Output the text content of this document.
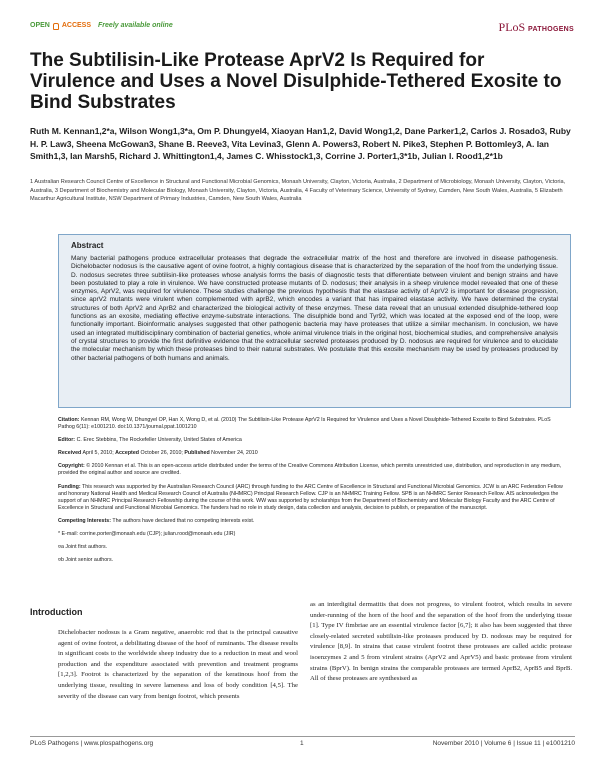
OPEN ACCESS Freely available online	PLoS PATHOGENS
The Subtilisin-Like Protease AprV2 Is Required for Virulence and Uses a Novel Disulphide-Tethered Exosite to Bind Substrates
Ruth M. Kennan1,2*a, Wilson Wong1,3*a, Om P. Dhungyel4, Xiaoyan Han1,2, David Wong1,2, Dane Parker1,2, Carlos J. Rosado3, Ruby H. P. Law3, Sheena McGowan3, Shane B. Reeve3, Vita Levina3, Glenn A. Powers3, Robert N. Pike3, Stephen P. Bottomley3, A. Ian Smith1,3, Ian Marsh5, Richard J. Whittington1,4, James C. Whisstock1,3, Corrine J. Porter1,3*1b, Julian I. Rood1,2*1b
1 Australian Research Council Centre of Excellence in Structural and Functional Microbial Genomics, Monash University, Clayton, Victoria, Australia, 2 Department of Microbiology, Monash University, Clayton, Victoria, Australia, 3 Department of Biochemistry and Molecular Biology, Monash University, Clayton, Victoria, Australia, 4 Faculty of Veterinary Science, University of Sydney, Camden, New South Wales, Australia, 5 Elizabeth Macarthur Agricultural Institute, NSW Department of Primary Industries, Camden, New South Wales, Australia
Abstract

Many bacterial pathogens produce extracellular proteases that degrade the extracellular matrix of the host and therefore are involved in disease pathogenesis. Dichelobacter nodosus is the causative agent of ovine footrot, a highly contagious disease that is characterized by the separation of the hoof from the underlying tissue. D. nodosus secretes three subtilisin-like proteases whose analysis forms the basis of diagnostic tests that differentiate between virulent and benign strains and have been postulated to play a role in virulence. We have constructed protease mutants of D. nodosus; their analysis in a sheep virulence model revealed that one of these enzymes, AprV2, was required for virulence. These studies challenge the previous hypothesis that the elastase activity of AprV2 is important for disease progression, since aprV2 mutants were virulent when complemented with aprB2, which encodes a variant that has impaired elastase activity. We have determined the crystal structures of both AprV2 and AprB2 and characterized the biological activity of these enzymes. These data reveal that an unusual extended disulphide-tethered loop functions as an exosite, mediating effective enzyme-substrate interactions. The disulphide bond and Tyr92, which was located at the exposed end of the loop, were functionally important. Bioinformatic analyses suggested that other pathogenic bacteria may have proteases that utilize a similar mechanism. In conclusion, we have used an integrated multidisciplinary combination of bacterial genetics, whole animal virulence trials in the original host, biochemical studies, and comprehensive analysis of crystal structures to provide the first definitive evidence that the extracellular secreted proteases produced by D. nodosus are required for virulence and to elucidate the molecular mechanism by which these proteases bind to their natural substrates. We postulate that this exosite mechanism may be used by proteases produced by other bacterial pathogens of both humans and animals.

Citation: Kennan RM, Wong W, Dhungyel OP, Han X, Wong D, et al. (2010) The Subtilisin-Like Protease AprV2 Is Required for Virulence and Uses a Novel Disulphide-Tethered Exosite to Bind Substrates. PLoS Pathog 6(11): e1001210. doi:10.1371/journal.ppat.1001210
Editor: C. Erec Stebbins, The Rockefeller University, United States of America
Received April 5, 2010; Accepted October 26, 2010; Published November 24, 2010
Copyright: © 2010 Kennan et al. This is an open-access article distributed under the terms of the Creative Commons Attribution License, which permits unrestricted use, distribution, and reproduction in any medium, provided the original author and source are credited.
Funding: This research was supported by the Australian Research Council (ARC) through funding to the ARC Centre of Excellence in Structural and Functional Microbial Genomics. JCW is an ARC Federation Fellow and honorary National Health and Medical Research Council of Australia (NHMRC) Principal Research Fellow. CJP is an NHMRC Training Fellow. SPB is an NHMRC Senior Research Fellow. AIS acknowledges the support of an NHMRC Principal Research Fellowship during the course of this work. WW was supported by scholarships from the Department of Biochemistry and Molecular Biology Faculty and the ARC Centre of Excellence in Structural and Functional Microbial Genomics. The funders had no role in study design, data collection and analysis, decision to publish, or preparation of the manuscript.
Competing Interests: The authors have declared that no competing interests exist.
* E-mail: corrine.porter@monash.edu (CJP); julian.rood@monash.edu (JIR)
¤a Joint first authors.
¤b Joint senior authors.
Introduction
Dichelobacter nodosus is a Gram negative, anaerobic rod that is the principal causative agent of ovine footrot, a debilitating disease of the hoof of ruminants. The disease results in significant costs to the worldwide sheep industry due to a reduction in meat and wool production and the expenditure associated with prevention and treatment programs [1,2,3]. Footrot is characterized by the separation of the keratinous hoof from the underlying tissue, resulting in severe lameness and loss of body condition [4,5]. The severity of the disease can vary from benign footrot, which presents
as an interdigital dermatitis that does not progress, to virulent footrot, which results in severe under-running of the horn of the hoof and the separation of the hoof from the underlying tissue [1]. Type IV fimbriae are an essential virulence factor [6,7]; it also has been suggested that three closely-related secreted subtilisin-like proteases produced by D. nodosus may be required for virulence [8,9]. In strains that cause virulent footrot these proteases are called acidic protease isoenzymes 2 and 5 from virulent strains (AprV2 and AprV5) and basic protease from virulent strains (BprV). In benign strains the comparable proteases are termed AprB2, AprB5 and BprB. All of these proteases are synthesised as
PLoS Pathogens | www.plospathogens.org	1	November 2010 | Volume 6 | Issue 11 | e1001210
